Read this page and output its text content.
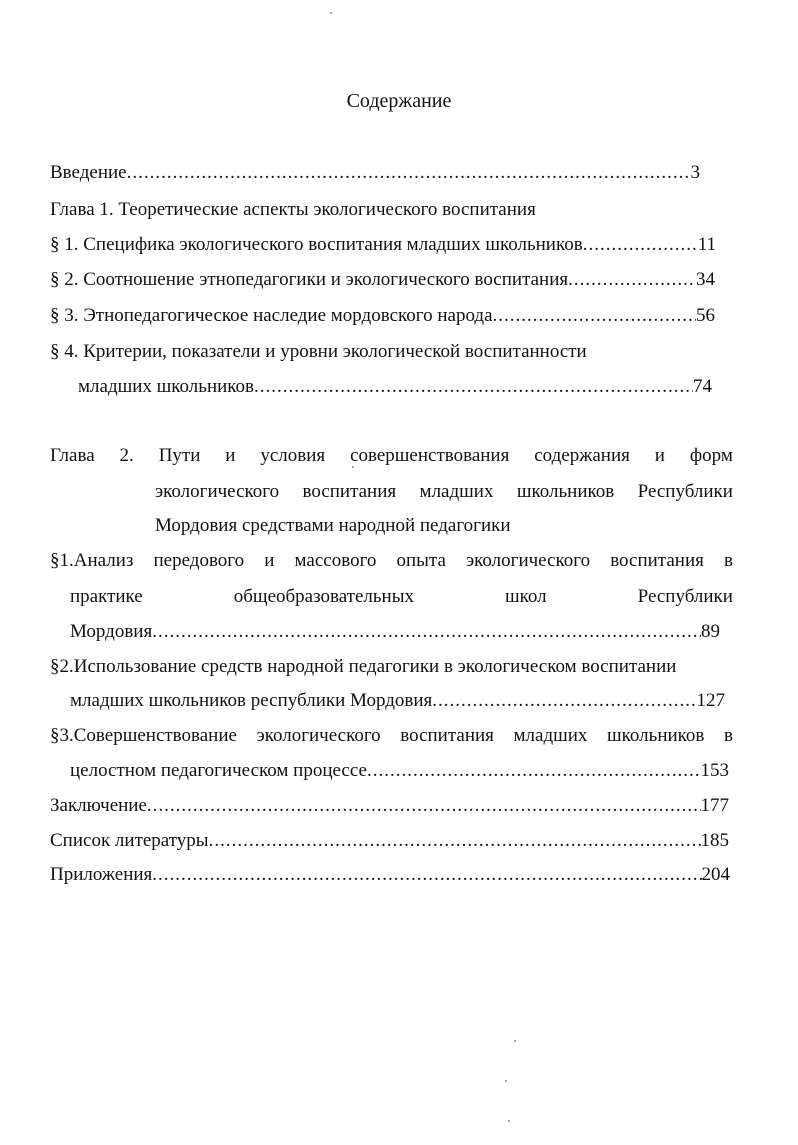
Содержание
Введение .....	3
Глава 1. Теоретические аспекты экологического воспитания
§ 1. Специфика экологического воспитания младших школьников .....	11
§ 2. Соотношение этнопедагогики и экологического воспитания .....	34
§ 3. Этнопедагогическое наследие мордовского народа .....	56
§ 4. Критерии, показатели и уровни экологической воспитанности
младших школьников .....	74
Глава 2. Пути и условия совершенствования содержания и форм
экологического воспитания младших школьников Республики
Мордовия средствами народной педагогики
§1.Анализ передового и массового опыта экологического воспитания в
практике	общеобразовательных	школ	Республики
Мордовия .....	89
§2.Использование средств народной педагогики в экологическом воспитании
младших школьников республики Мордовия .....	127
§3.Совершенствование экологического воспитания младших школьников в
целостном педагогическом процессе .....	153
Заключение .....	177
Список литературы .....	185
Приложения .....	204
